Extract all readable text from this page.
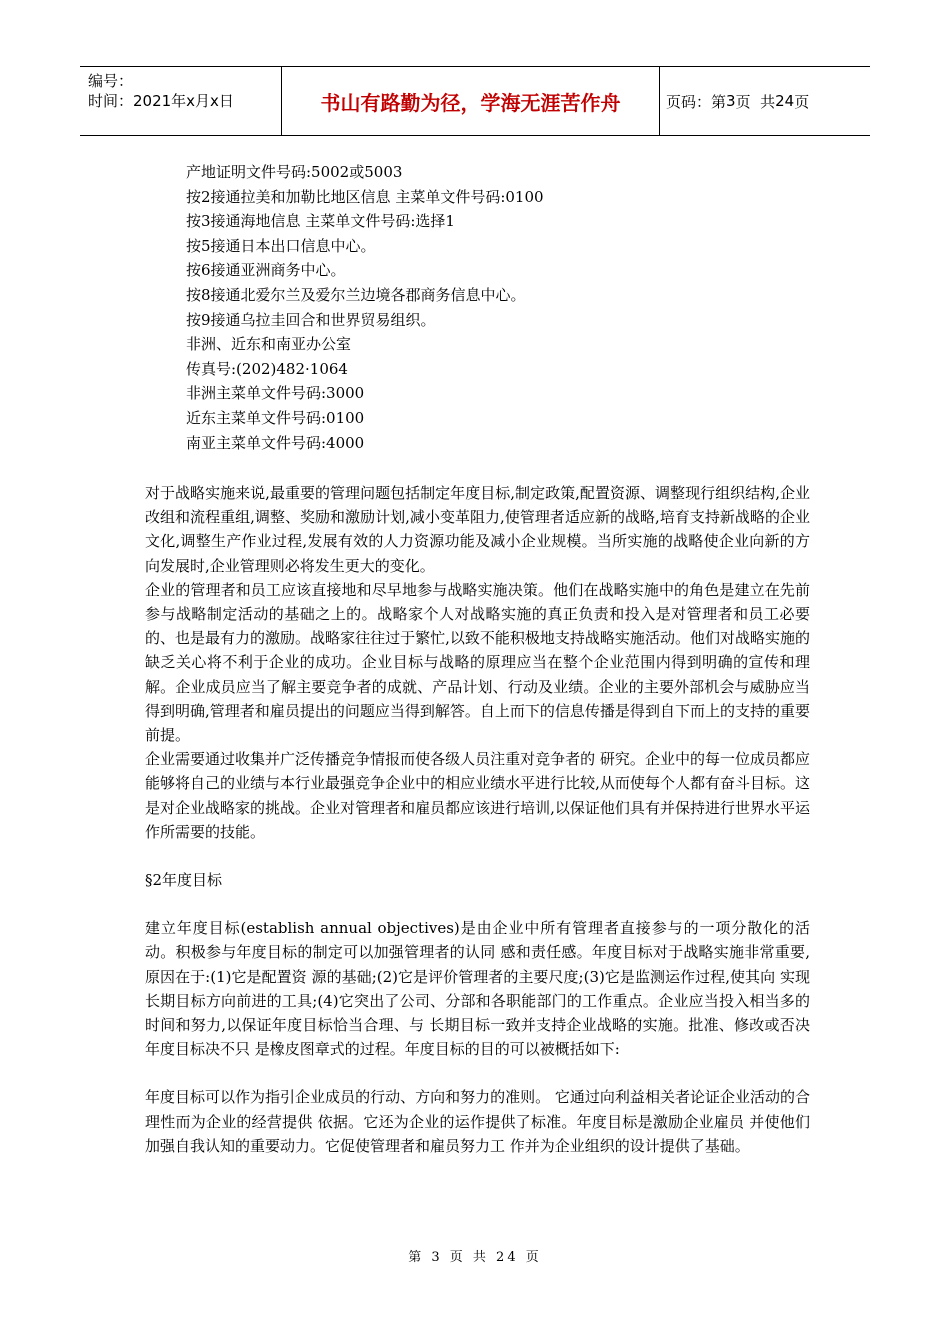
编号：
时间：2021年x月x日	书山有路勤为径，学海无涯苦作舟	页码：第 3 页  共 24 页
产地证明文件号码:5002或5003
按2接通拉美和加勒比地区信息 主菜单文件号码:0100
按3接通海地信息 主菜单文件号码:选择1
按5接通日本出口信息中心。
按6接通亚洲商务中心。
按8接通北爱尔兰及爱尔兰边境各郡商务信息中心。
按9接通乌拉圭回合和世界贸易组织。
非洲、近东和南亚办公室
传真号:(202)482·1064
非洲主菜单文件号码:3000
近东主菜单文件号码:0100
南亚主菜单文件号码:4000

对于战略实施来说,最重要的管理问题包括制定年度目标,制定政策,配置资源、调整现行组织结构,企业改组和流程重组,调整、奖励和激励计划,减小变革阻力,使管理者适应新的战略,培育支持新战略的企业文化,调整生产作业过程,发展有效的人力资源功能及减小企业规模。当所实施的战略使企业向新的方向发展时,企业管理则必将发生更大的变化。

企业的管理者和员工应该直接地和尽早地参与战略实施决策。他们在战略实施中的角色是建立在先前参与战略制定活动的基础之上的。战略家个人对战略实施的真正负责和投入是对管理者和员工必要的、也是最有力的激励。战略家往往过于繁忙,以致不能积极地支持战略实施活动。他们对战略实施的缺乏关心将不利于企业的成功。企业目标与战略的原理应当在整个企业范围内得到明确的宣传和理解。企业成员应当了解主要竞争者的成就、产品计划、行动及业绩。企业的主要外部机会与威胁应当得到明确,管理者和雇员提出的问题应当得到解答。自上而下的信息传播是得到自下而上的支持的重要前提。

企业需要通过收集并广泛传播竞争情报而使各级人员注重对竞争者的 研究。企业中的每一位成员都应能够将自己的业绩与本行业最强竞争企业中的相应业绩水平进行比较,从而使每个人都有奋斗目标。这是对企业战略家的挑战。企业对管理者和雇员都应该进行培训,以保证他们具有并保持进行世界水平运作所需要的技能。

§2年度目标

建立年度目标(establish annual objectives)是由企业中所有管理者直接参与的一项分散化的活动。积极参与年度目标的制定可以加强管理者的认同 感和责任感。年度目标对于战略实施非常重要,原因在于:(1)它是配置资 源的基础;(2)它是评价管理者的主要尺度;(3)它是监测运作过程,使其向 实现长期目标方向前进的工具;(4)它突出了公司、分部和各职能部门的工作重点。企业应当投入相当多的时间和努力,以保证年度目标恰当合理、与 长期目标一致并支持企业战略的实施。批准、修改或否决年度目标决不只 是橡皮图章式的过程。年度目标的目的可以被概括如下:

年度目标可以作为指引企业成员的行动、方向和努力的准则。 它通过向利益相关者论证企业活动的合理性而为企业的经营提供 依据。它还为企业的运作提供了标准。年度目标是激励企业雇员 并使他们加强自我认知的重要动力。它促使管理者和雇员努力工 作并为企业组织的设计提供了基础。

第 3 页 共 24 页
